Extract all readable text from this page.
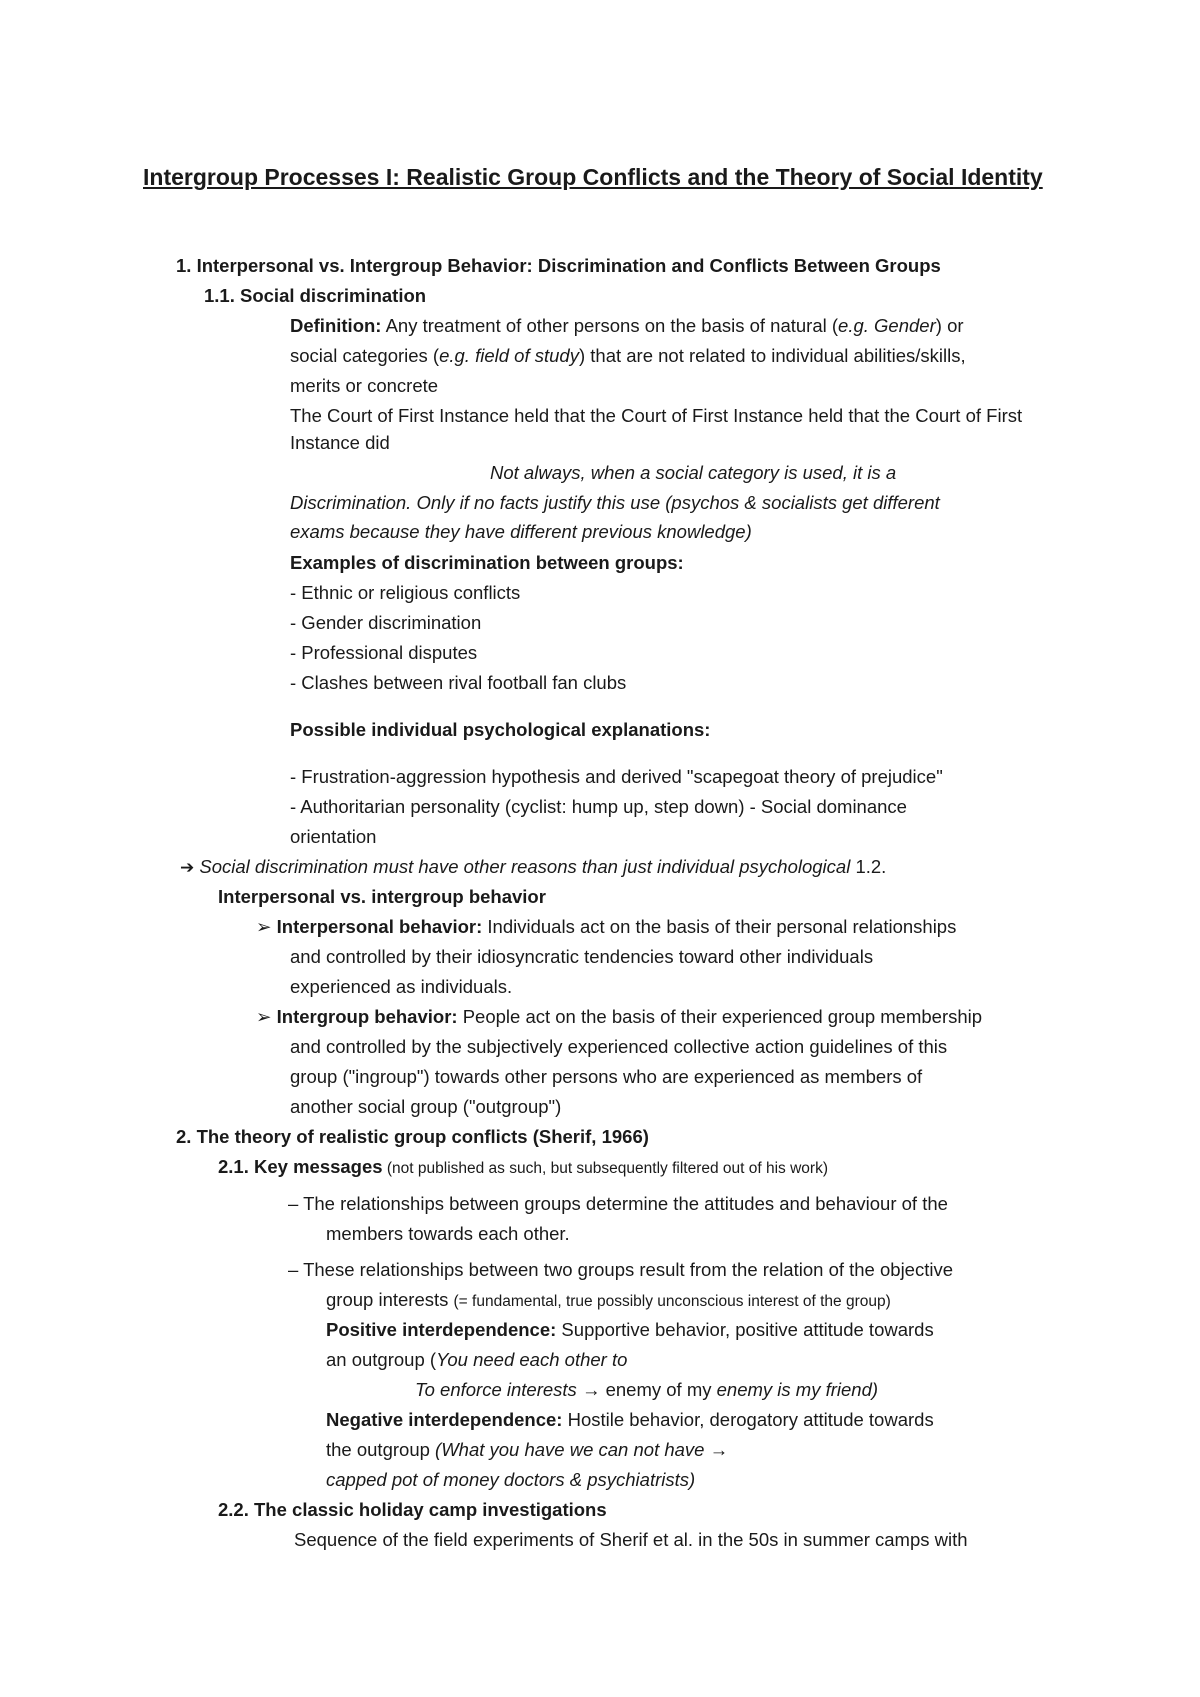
Intergroup Processes I: Realistic Group Conflicts and the Theory of Social Identity
1. Interpersonal vs. Intergroup Behavior: Discrimination and Conflicts Between Groups
1.1. Social discrimination
Definition: Any treatment of other persons on the basis of natural (e.g. Gender) or
social categories (e.g. field of study) that are not related to individual abilities/skills,
merits or concrete
The Court of First Instance held that the Court of First Instance held that the Court of First
Instance did
Not always, when a social category is used, it is a
Discrimination. Only if no facts justify this use (psychos & socialists get different
exams because they have different previous knowledge)
Examples of discrimination between groups:
- Ethnic or religious conflicts
- Gender discrimination
- Professional disputes
- Clashes between rival football fan clubs
Possible individual psychological explanations:
- Frustration-aggression hypothesis and derived "scapegoat theory of prejudice"
- Authoritarian personality (cyclist: hump up, step down) - Social dominance
orientation
➔ Social discrimination must have other reasons than just individual psychological 1.2.
Interpersonal vs. intergroup behavior
➢ Interpersonal behavior: Individuals act on the basis of their personal relationships
and controlled by their idiosyncratic tendencies toward other individuals
experienced as individuals.
➢ Intergroup behavior: People act on the basis of their experienced group membership
and controlled by the subjectively experienced collective action guidelines of this
group ("ingroup") towards other persons who are experienced as members of
another social group ("outgroup")
2. The theory of realistic group conflicts (Sherif, 1966)
2.1. Key messages (not published as such, but subsequently filtered out of his work)
– The relationships between groups determine the attitudes and behaviour of the
members towards each other.
– These relationships between two groups result from the relation of the objective
group interests (= fundamental, true possibly unconscious interest of the group)
Positive interdependence: Supportive behavior, positive attitude towards
an outgroup (You need each other to
To enforce interests → enemy of my enemy is my friend)
Negative interdependence: Hostile behavior, derogatory attitude towards
the outgroup (What you have we can not have →
capped pot of money doctors & psychiatrists)
2.2. The classic holiday camp investigations
Sequence of the field experiments of Sherif et al. in the 50s in summer camps with
